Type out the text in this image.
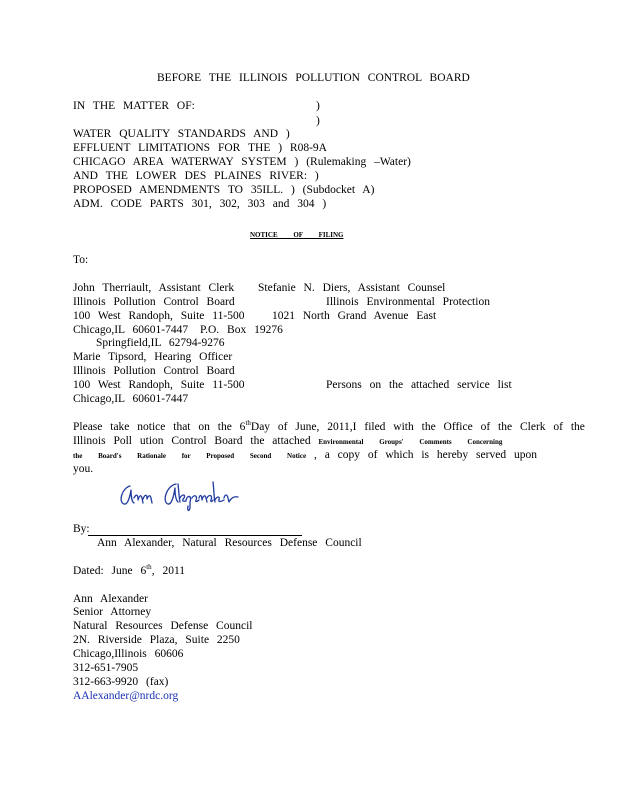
BEFORE THE ILLINOIS POLLUTION CONTROL BOARD
IN THE MATTER OF:	)
)
WATER QUALITY STANDARDS AND )
EFFLUENT LIMITATIONS FOR THE ) R08-9A
CHICAGO AREA WATERWAY SYSTEM ) (Rulemaking –Water)
AND THE LOWER DES PLAINES RIVER: )
PROPOSED AMENDMENTS TO 35ILL. ) (Subdocket A)
ADM. CODE PARTS 301, 302, 303 and 304 )
NOTICE OF FILING
To:
John Therriault, Assistant Clerk Stefanie N. Diers, Assistant Counsel
Illinois Pollution Control Board	Illinois Environmental Protection
100 West Randoph, Suite 11-500 1021 North Grand Avenue East
Chicago,IL 60601-7447 P.O. Box 19276
Springfield,IL 62794-9276
Marie Tipsord, Hearing Officer
Illinois Pollution Control Board
100 West Randoph, Suite 11-500	Persons on the attached service list
Chicago,IL 60601-7447
Please take notice that on the 6thDay of June, 2011,I filed with the Office of the Clerk of the
Illinois Poll ution Control Board the attached Environmental Groups' Comments Concerning
the Board's Rationale for Proposed Second Notice , a copy of which is hereby served upon
you.
By:
Ann Alexander, Natural Resources Defense Council
Dated: June 6th, 2011
Ann Alexander
Senior Attorney
Natural Resources Defense Council
2N. Riverside Plaza, Suite 2250
Chicago,Illinois 60606
312-651-7905
312-663-9920 (fax)
AAlexander@nrdc.org
